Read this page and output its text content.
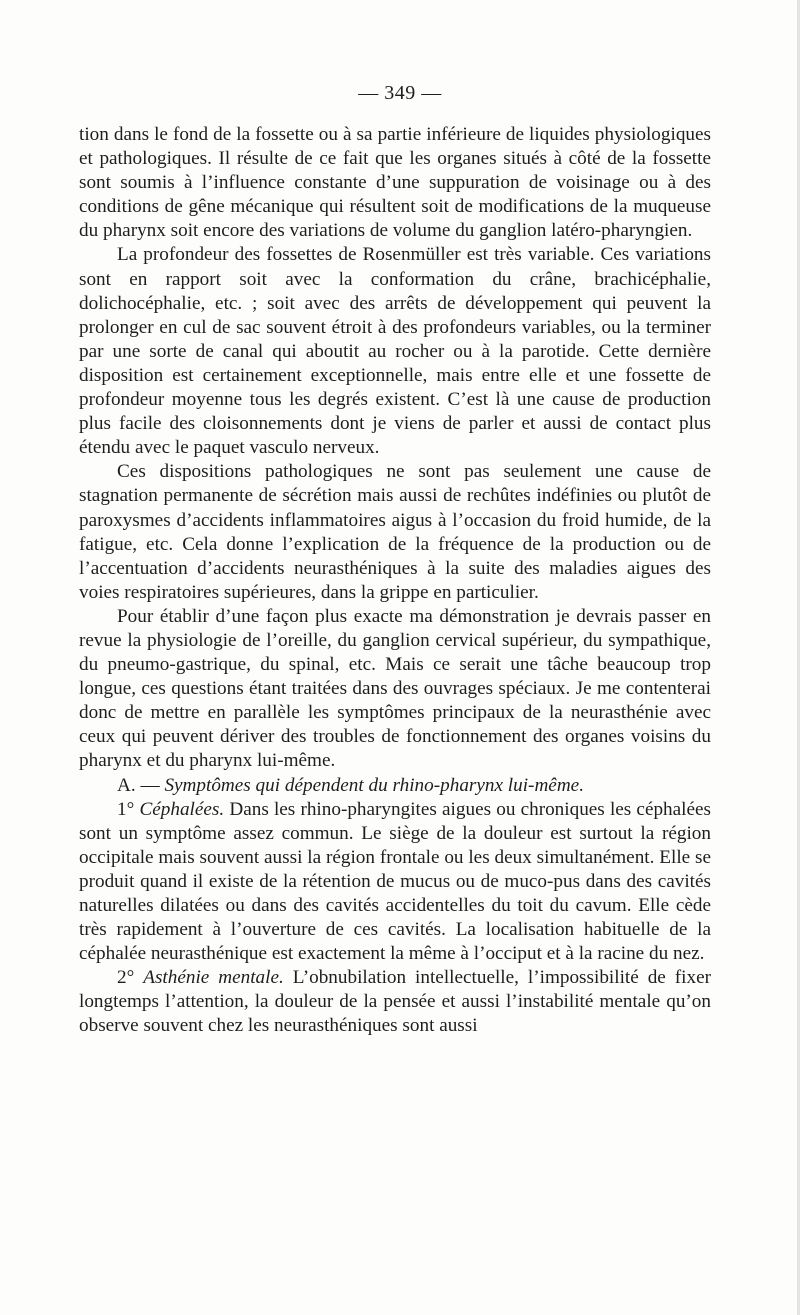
— 349 —

tion dans le fond de la fossette ou à sa partie inférieure de liquides physiologiques et pathologiques. Il résulte de ce fait que les organes situés à côté de la fossette sont soumis à l’influence constante d’une suppuration de voisinage ou à des conditions de gêne mécanique qui résultent soit de modifications de la muqueuse du pharynx soit encore des variations de volume du ganglion latéro-pharyngien.

La profondeur des fossettes de Rosenmüller est très variable. Ces variations sont en rapport soit avec la conformation du crâne, brachicéphalie, dolichocéphalie, etc. ; soit avec des arrêts de développement qui peuvent la prolonger en cul de sac souvent étroit à des profondeurs variables, ou la terminer par une sorte de canal qui aboutit au rocher ou à la parotide. Cette dernière disposition est certainement exceptionnelle, mais entre elle et une fossette de profondeur moyenne tous les degrés existent. C’est là une cause de production plus facile des cloisonnements dont je viens de parler et aussi de contact plus étendu avec le paquet vasculo nerveux.

Ces dispositions pathologiques ne sont pas seulement une cause de stagnation permanente de sécrétion mais aussi de rechûtes indéfinies ou plutôt de paroxysmes d’accidents inflammatoires aigus à l’occasion du froid humide, de la fatigue, etc. Cela donne l’explication de la fréquence de la production ou de l’accentuation d’accidents neurasthéniques à la suite des maladies aigues des voies respiratoires supérieures, dans la grippe en particulier.

Pour établir d’une façon plus exacte ma démonstration je devrais passer en revue la physiologie de l’oreille, du ganglion cervical supérieur, du sympathique, du pneumo-gastrique, du spinal, etc. Mais ce serait une tâche beaucoup trop longue, ces questions étant traitées dans des ouvrages spéciaux. Je me contenterai donc de mettre en parallèle les symptômes principaux de la neurasthénie avec ceux qui peuvent dériver des troubles de fonctionnement des organes voisins du pharynx et du pharynx lui-même.

A. — Symptômes qui dépendent du rhino-pharynx lui-même.

1° Céphalées. Dans les rhino-pharyngites aigues ou chroniques les céphalées sont un symptôme assez commun. Le siège de la douleur est surtout la région occipitale mais souvent aussi la région frontale ou les deux simultanément. Elle se produit quand il existe de la rétention de mucus ou de muco-pus dans des cavités naturelles dilatées ou dans des cavités accidentelles du toit du cavum. Elle cède très rapidement à l’ouverture de ces cavités. La localisation habituelle de la céphalée neurasthénique est exactement la même à l’occiput et à la racine du nez.

2° Asthénie mentale. L’obnubilation intellectuelle, l’impossibilité de fixer longtemps l’attention, la douleur de la pensée et aussi l’instabilité mentale qu’on observe souvent chez les neurasthéniques sont aussi
